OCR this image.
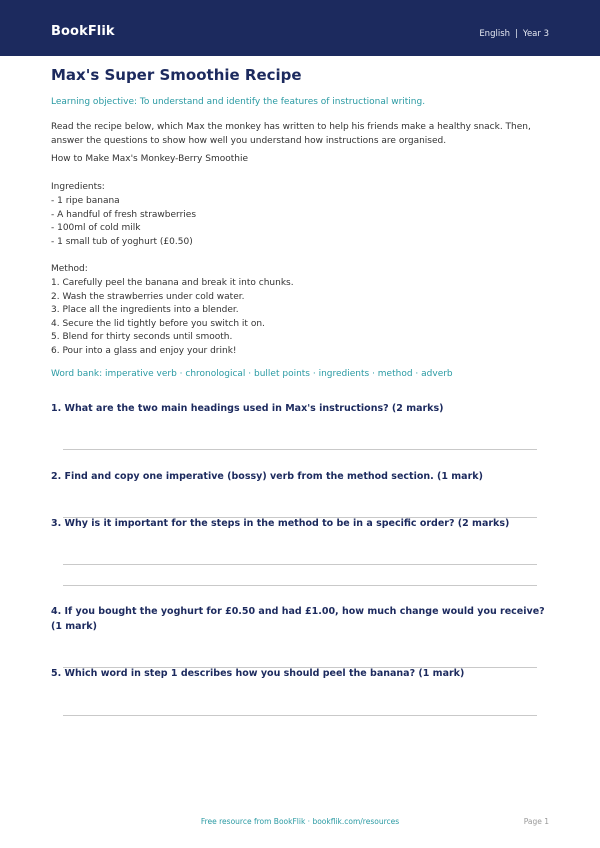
BookFlik	English | Year 3
Max's Super Smoothie Recipe
Learning objective: To understand and identify the features of instructional writing.
Read the recipe below, which Max the monkey has written to help his friends make a healthy snack. Then, answer the questions to show how well you understand how instructions are organised.
How to Make Max's Monkey-Berry Smoothie
Ingredients:
- 1 ripe banana
- A handful of fresh strawberries
- 100ml of cold milk
- 1 small tub of yoghurt (£0.50)
Method:
1. Carefully peel the banana and break it into chunks.
2. Wash the strawberries under cold water.
3. Place all the ingredients into a blender.
4. Secure the lid tightly before you switch it on.
5. Blend for thirty seconds until smooth.
6. Pour into a glass and enjoy your drink!
Word bank: imperative verb · chronological · bullet points · ingredients · method · adverb
1. What are the two main headings used in Max's instructions? (2 marks)
2. Find and copy one imperative (bossy) verb from the method section. (1 mark)
3. Why is it important for the steps in the method to be in a specific order? (2 marks)
4. If you bought the yoghurt for £0.50 and had £1.00, how much change would you receive? (1 mark)
5. Which word in step 1 describes how you should peel the banana? (1 mark)
Free resource from BookFlik · bookflik.com/resources	Page 1
